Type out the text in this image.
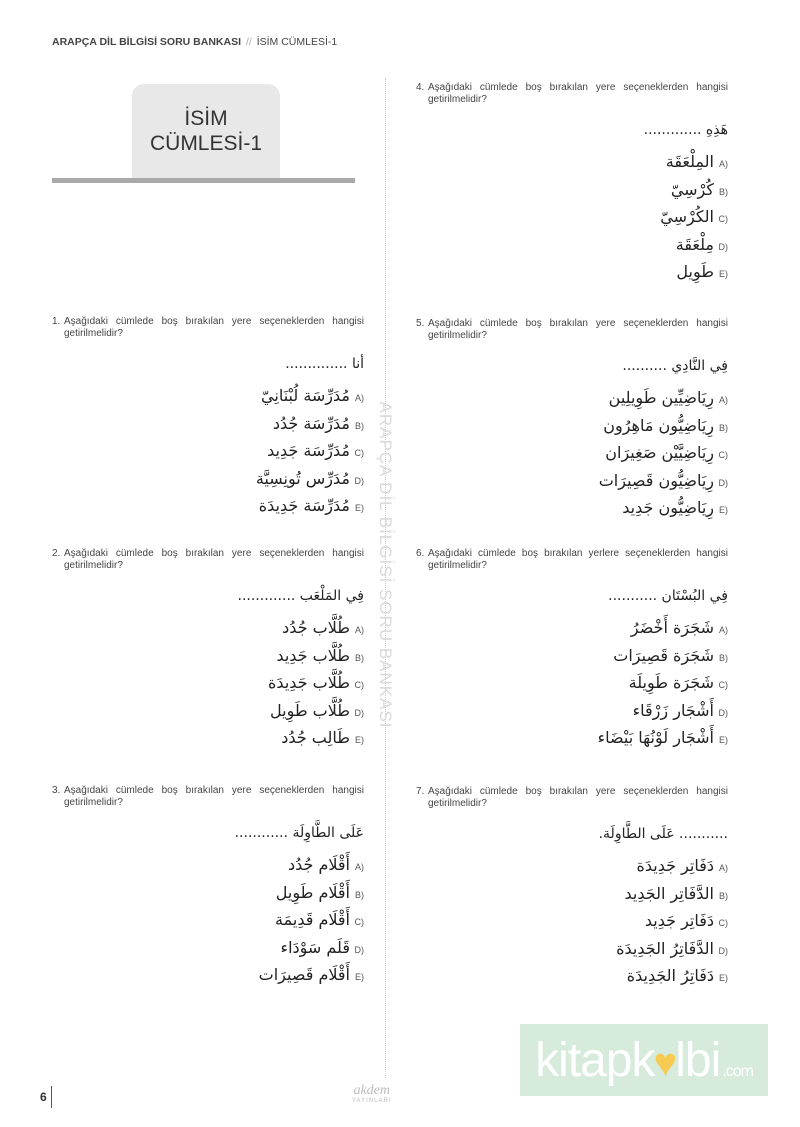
ARAPÇA DİL BİLGİSİ SORU BANKASI // İSİM CÜMLESİ-1
İSİM
CÜMLESİ-1
ARAPÇA DİL BİLGİSİ SORU BANKASI
1. Aşağıdaki cümlede boş bırakılan yere seçeneklerden hangisi getirilmelidir?
أنا ..............
مُدَرِّسَة لُبْنَانِيّ A)
مُدَرِّسَة جُدُد B)
مُدَرِّسَة جَدِيد C)
مُدَرِّس تُونِسِيَّة D)
مُدَرِّسَة جَدِيدَة E)
2. Aşağıdaki cümlede boş bırakılan yere seçeneklerden hangisi getirilmelidir?
فِي المَلْعَب .............
طُلَّاب جُدُد A)
طُلَّاب جَدِيد B)
طُلَّاب جَدِيدَة C)
طُلَّاب طَوِيل D)
طَالِب جُدُد E)
3. Aşağıdaki cümlede boş bırakılan yere seçeneklerden hangisi getirilmelidir?
عَلَى الطَّاوِلَة ............
أَقْلَام جُدُد A)
أَقْلَام طَوِيل B)
أَقْلَام قَدِيمَة C)
قَلَم سَوْدَاء D)
أَقْلَام قَصِيرَات E)
4. Aşağıdaki cümlede boş bırakılan yere seçeneklerden hangisi getirilmelidir?
هَذِهِ .............
المِلْعَقَة A)
كُرْسِيّ B)
الكُرْسِيّ C)
مِلْعَقَة D)
طَوِيل E)
5. Aşağıdaki cümlede boş bırakılan yere seçeneklerden hangisi getirilmelidir?
فِي النَّادِي ..........
رِيَاضِيِّين طَوِيلِين A)
رِيَاضِيُّون مَاهِرُون B)
رِيَاضِيَّيْن صَغِيرَان C)
رِيَاضِيُّون قَصِيرَات D)
رِيَاضِيُّون جَدِيد E)
6. Aşağıdaki cümlede boş bırakılan yerlere seçeneklerden hangisi getirilmelidir?
فِي البُسْتَان ...........
شَجَرَة أَخْضَرُ A)
شَجَرَة قَصِيرَات B)
شَجَرَة طَوِيلَة C)
أَشْجَار زَرْقَاء D)
أَشْجَار لَوْنُهَا بَيْضَاء E)
7. Aşağıdaki cümlede boş bırakılan yere seçeneklerden hangisi getirilmelidir?
........... عَلَى الطَّاوِلَة.
دَفَاتِر جَدِيدَة A)
الدَّفَاتِر الجَدِيد B)
دَفَاتِر جَدِيد C)
الدَّفَاتِرُ الجَدِيدَة D)
دَفَاتِرُ الجَدِيدَة E)
6	akdem
YAYINLARI
kitapk ♥ lbi .com
